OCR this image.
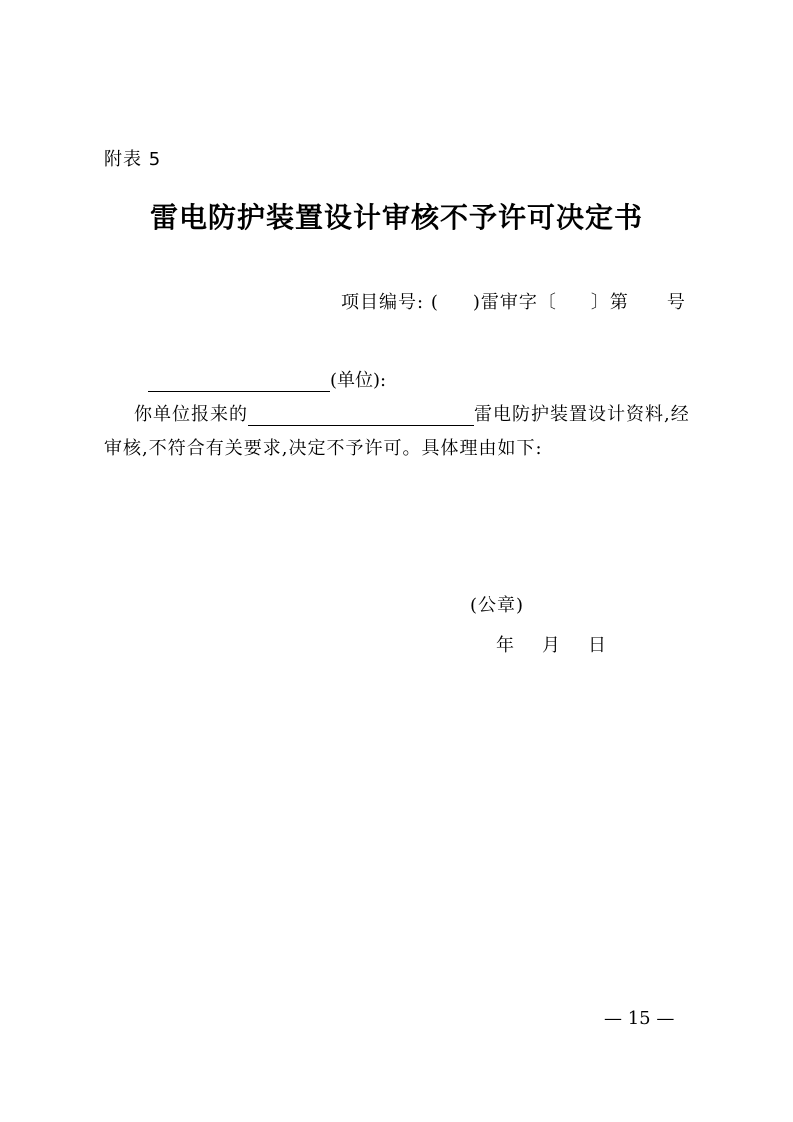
附表 5
雷电防护装置设计审核不予许可决定书
项目编号: ( )雷审字〔 〕第 号
(单位):
你单位报来的	雷电防护装置设计资料,经
审核,不符合有关要求,决定不予许可。具体理由如下:
(公章)
年 月 日
— 15 —
